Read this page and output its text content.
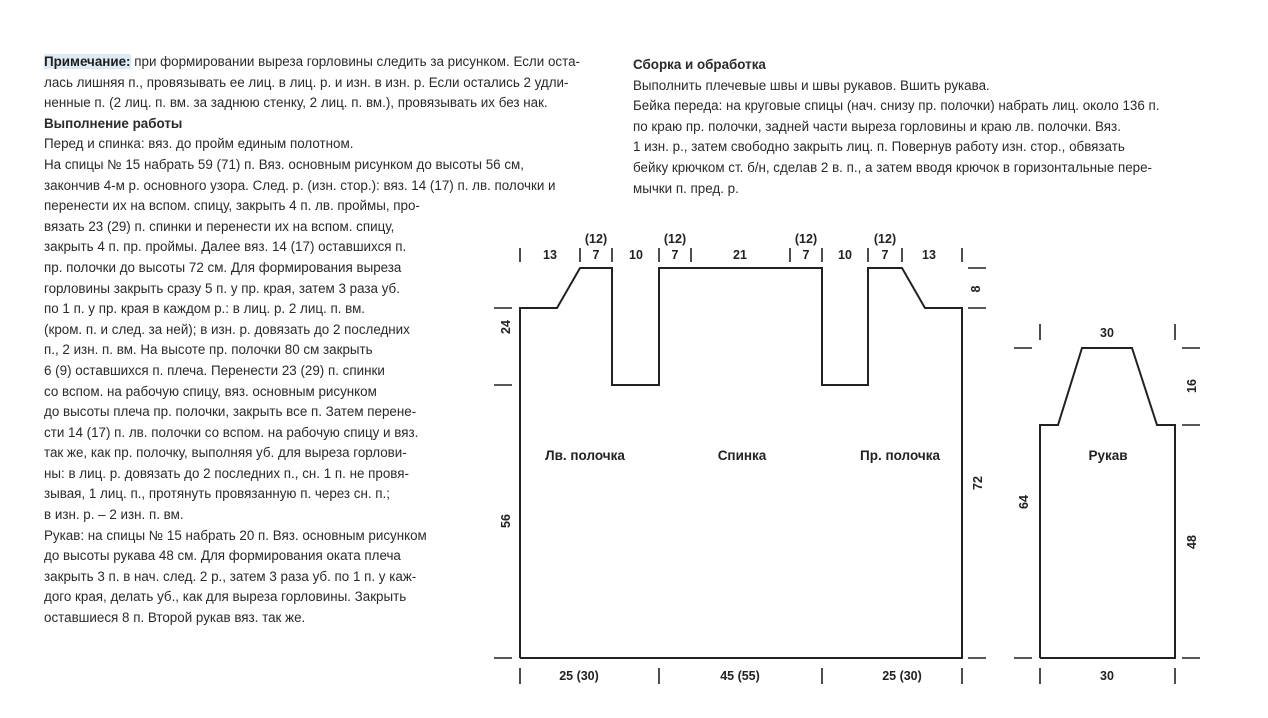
Примечание: при формировании выреза горловины следить за рисунком. Если оста-
лась лишняя п., провязывать ее лиц. в лиц. р. и изн. в изн. р. Если остались 2 удли-
ненные п. (2 лиц. п. вм. за заднюю стенку, 2 лиц. п. вм.), провязывать их без нак.
Выполнение работы
Перед и спинка: вяз. до пройм единым полотном.
На спицы № 15 набрать 59 (71) п. Вяз. основным рисунком до высоты 56 см,
закончив 4-м р. основного узора. След. р. (изн. стор.): вяз. 14 (17) п. лв. полочки и
перенести их на вспом. спицу, закрыть 4 п. лв. проймы, про-
вязать 23 (29) п. спинки и перенести их на вспом. спицу,
закрыть 4 п. пр. проймы. Далее вяз. 14 (17) оставшихся п.
пр. полочки до высоты 72 см. Для формирования выреза
горловины закрыть сразу 5 п. у пр. края, затем 3 раза уб.
по 1 п. у пр. края в каждом р.: в лиц. р. 2 лиц. п. вм.
(кром. п. и след. за ней); в изн. р. довязать до 2 последних
п., 2 изн. п. вм. На высоте пр. полочки 80 см закрыть
6 (9) оставшихся п. плеча. Перенести 23 (29) п. спинки
со вспом. на рабочую спицу, вяз. основным рисунком
до высоты плеча пр. полочки, закрыть все п. Затем перене-
сти 14 (17) п. лв. полочки со вспом. на рабочую спицу и вяз.
так же, как пр. полочку, выполняя уб. для выреза горлови-
ны: в лиц. р. довязать до 2 последних п., сн. 1 п. не провя-
зывая, 1 лиц. п., протянуть провязанную п. через сн. п.;
в изн. р. – 2 изн. п. вм.
Рукав: на спицы № 15 набрать 20 п. Вяз. основным рисунком
до высоты рукава 48 см. Для формирования оката плеча
закрыть 3 п. в нач. след. 2 р., затем 3 раза уб. по 1 п. у каж-
дого края, делать уб., как для выреза горловины. Закрыть
оставшиеся 8 п. Второй рукав вяз. так же.
Сборка и обработка
Выполнить плечевые швы и швы рукавов. Вшить рукава.
Бейка переда: на круговые спицы (нач. снизу пр. полочки) набрать лиц. около 136 п.
по краю пр. полочки, задней части выреза горловины и краю лв. полочки. Вяз.
1 изн. р., затем свободно закрыть лиц. п. Повернув работу изн. стор., обвязать
бейку крючком ст. б/н, сделав 2 в. п., а затем вводя крючок в горизонтальные пере-
мычки п. пред. р.
13	7 10 7	21	7 10 7	13
(12)	(12)	(12)	(12)
24
56
8
72
25 (30)	45 (55)	25 (30)
Лв. полочка	Спинка	Пр. полочка
30
64
16
48
30
Рукав
